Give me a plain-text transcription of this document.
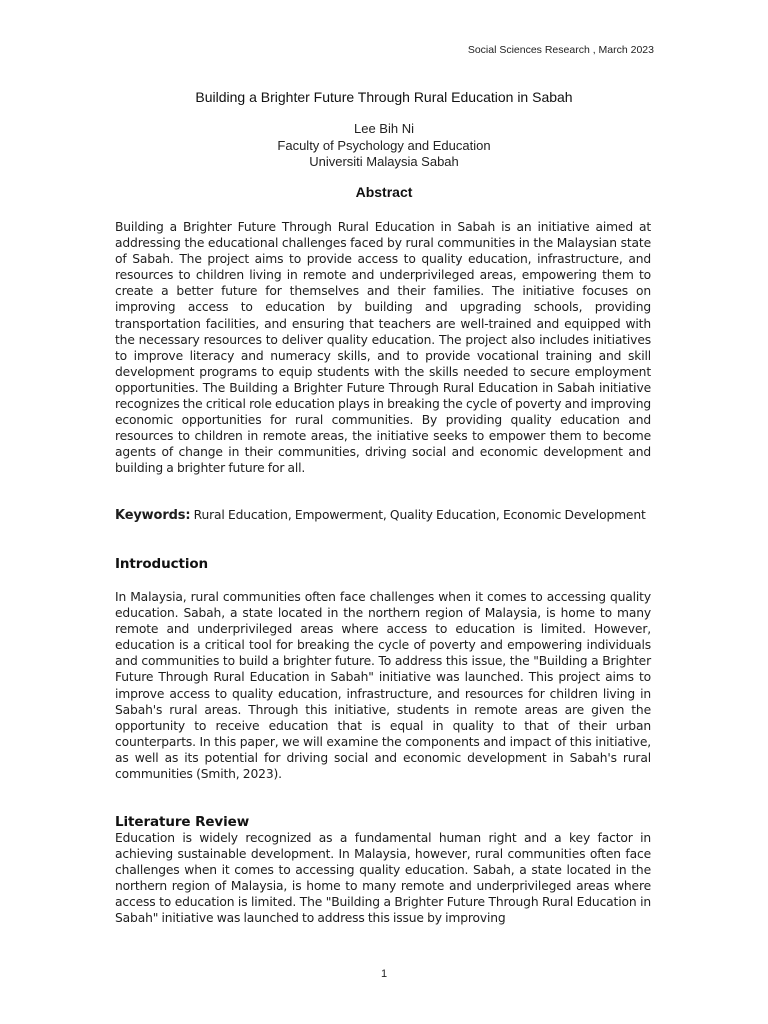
Social Sciences Research , March 2023
Building a Brighter Future Through Rural Education in Sabah
Lee Bih Ni
Faculty of Psychology and Education
Universiti Malaysia Sabah
Abstract
Building a Brighter Future Through Rural Education in Sabah is an initiative aimed at addressing the educational challenges faced by rural communities in the Malaysian state of Sabah. The project aims to provide access to quality education, infrastructure, and resources to children living in remote and underprivileged areas, empowering them to create a better future for themselves and their families. The initiative focuses on improving access to education by building and upgrading schools, providing transportation facilities, and ensuring that teachers are well-trained and equipped with the necessary resources to deliver quality education. The project also includes initiatives to improve literacy and numeracy skills, and to provide vocational training and skill development programs to equip students with the skills needed to secure employment opportunities. The Building a Brighter Future Through Rural Education in Sabah initiative recognizes the critical role education plays in breaking the cycle of poverty and improving economic opportunities for rural communities. By providing quality education and resources to children in remote areas, the initiative seeks to empower them to become agents of change in their communities, driving social and economic development and building a brighter future for all.
Keywords: Rural Education, Empowerment, Quality Education, Economic Development
Introduction
In Malaysia, rural communities often face challenges when it comes to accessing quality education. Sabah, a state located in the northern region of Malaysia, is home to many remote and underprivileged areas where access to education is limited. However, education is a critical tool for breaking the cycle of poverty and empowering individuals and communities to build a brighter future. To address this issue, the "Building a Brighter Future Through Rural Education in Sabah" initiative was launched. This project aims to improve access to quality education, infrastructure, and resources for children living in Sabah's rural areas. Through this initiative, students in remote areas are given the opportunity to receive education that is equal in quality to that of their urban counterparts. In this paper, we will examine the components and impact of this initiative, as well as its potential for driving social and economic development in Sabah's rural communities (Smith, 2023).
Literature Review
Education is widely recognized as a fundamental human right and a key factor in achieving sustainable development. In Malaysia, however, rural communities often face challenges when it comes to accessing quality education. Sabah, a state located in the northern region of Malaysia, is home to many remote and underprivileged areas where access to education is limited. The "Building a Brighter Future Through Rural Education in Sabah" initiative was launched to address this issue by improving
1
